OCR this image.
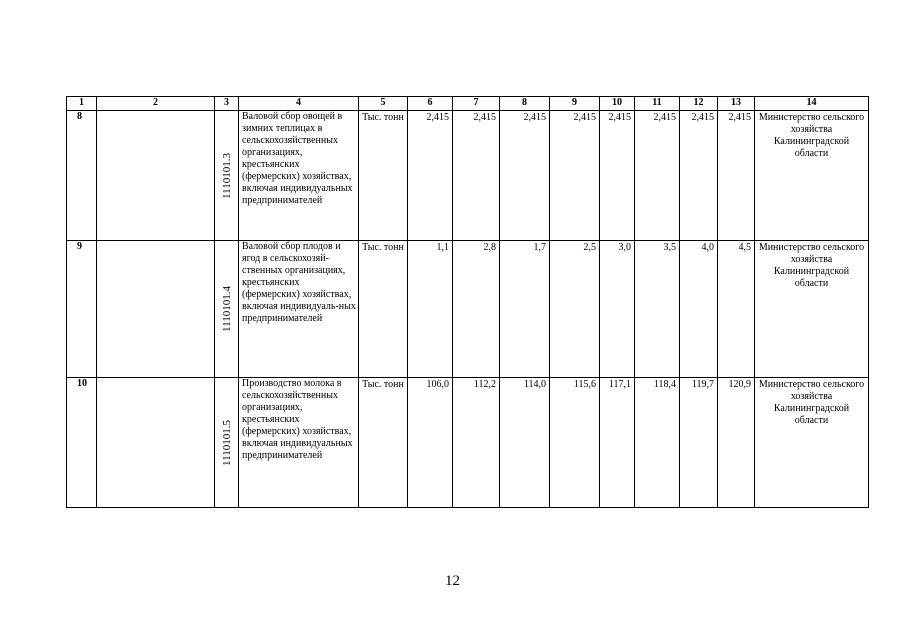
1	2	3	4	5	6	7	8	9	10	11	12	13	14
8		1110101.3	Валовой сбор овощей в зимних теплицах в сельскохозяйственных организациях, крестьянских (фермерских) хозяйствах, включая индивидуальных предпринимателей	Тыс. тонн	2,415	2,415	2,415	2,415	2,415	2,415	2,415	2,415	Министерство сельского хозяйства Калининградской области
9		1110101.4	Валовой сбор плодов и ягод в сельскохозяй-ственных организациях, крестьянских (фермерских) хозяйствах, включая индивидуаль-ных предпринимателей	Тыс. тонн	1,1	2,8	1,7	2,5	3,0	3,5	4,0	4,5	Министерство сельского хозяйства Калининградской области
10		1110101.5	Производство молока в сельскохозяйственных организациях, крестьянских (фермерских) хозяйствах, включая индивидуальных предпринимателей	Тыс. тонн	106,0	112,2	114,0	115,6	117,1	118,4	119,7	120,9	Министерство сельского хозяйства Калининградской области
12
